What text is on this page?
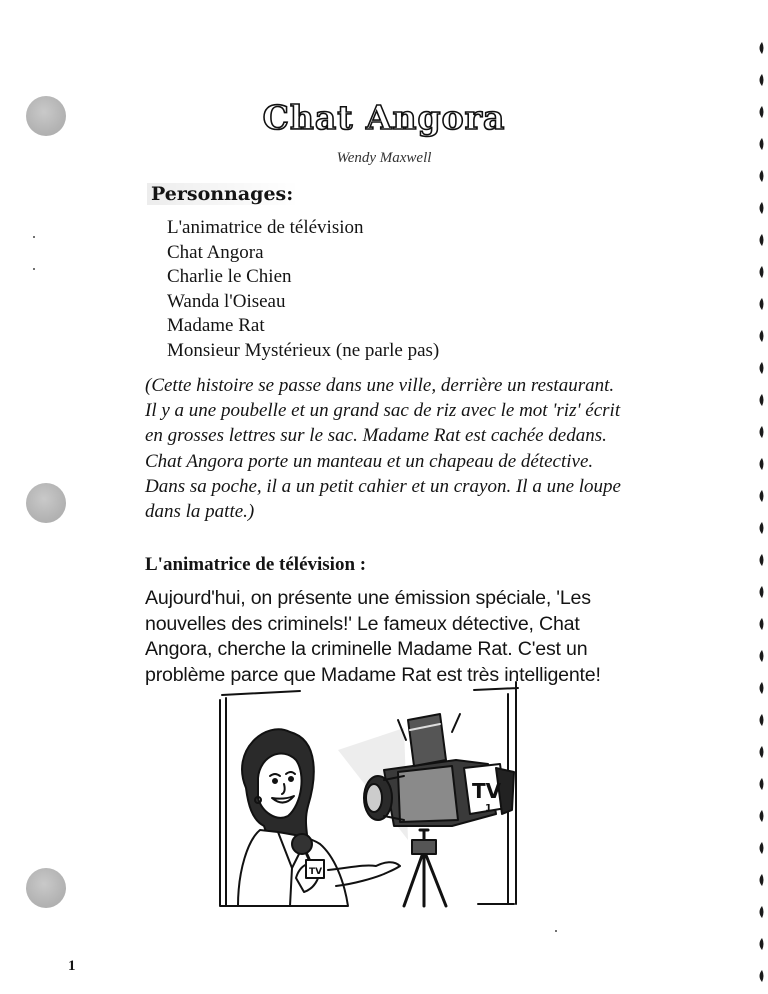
Chat Angora
Wendy Maxwell
Personnages:
L'animatrice de télévision
Chat Angora
Charlie le Chien
Wanda l'Oiseau
Madame Rat
Monsieur Mystérieux (ne parle pas)

(Cette histoire se passe dans une ville, derrière un restaurant. Il y a une poubelle et un grand sac de riz avec le mot 'riz' écrit en grosses lettres sur le sac. Madame Rat est cachée dedans. Chat Angora porte un manteau et un chapeau de détective. Dans sa poche, il a un petit cahier et un crayon. Il a une loupe dans la patte.)

L'animatrice de télévision :

Aujourd'hui, on présente une émission spéciale, 'Les nouvelles des criminels!' Le fameux détective, Chat Angora, cherche la criminelle Madame Rat. C'est un problème parce que Madame Rat est très intelligente!

TV
1
TV
1
